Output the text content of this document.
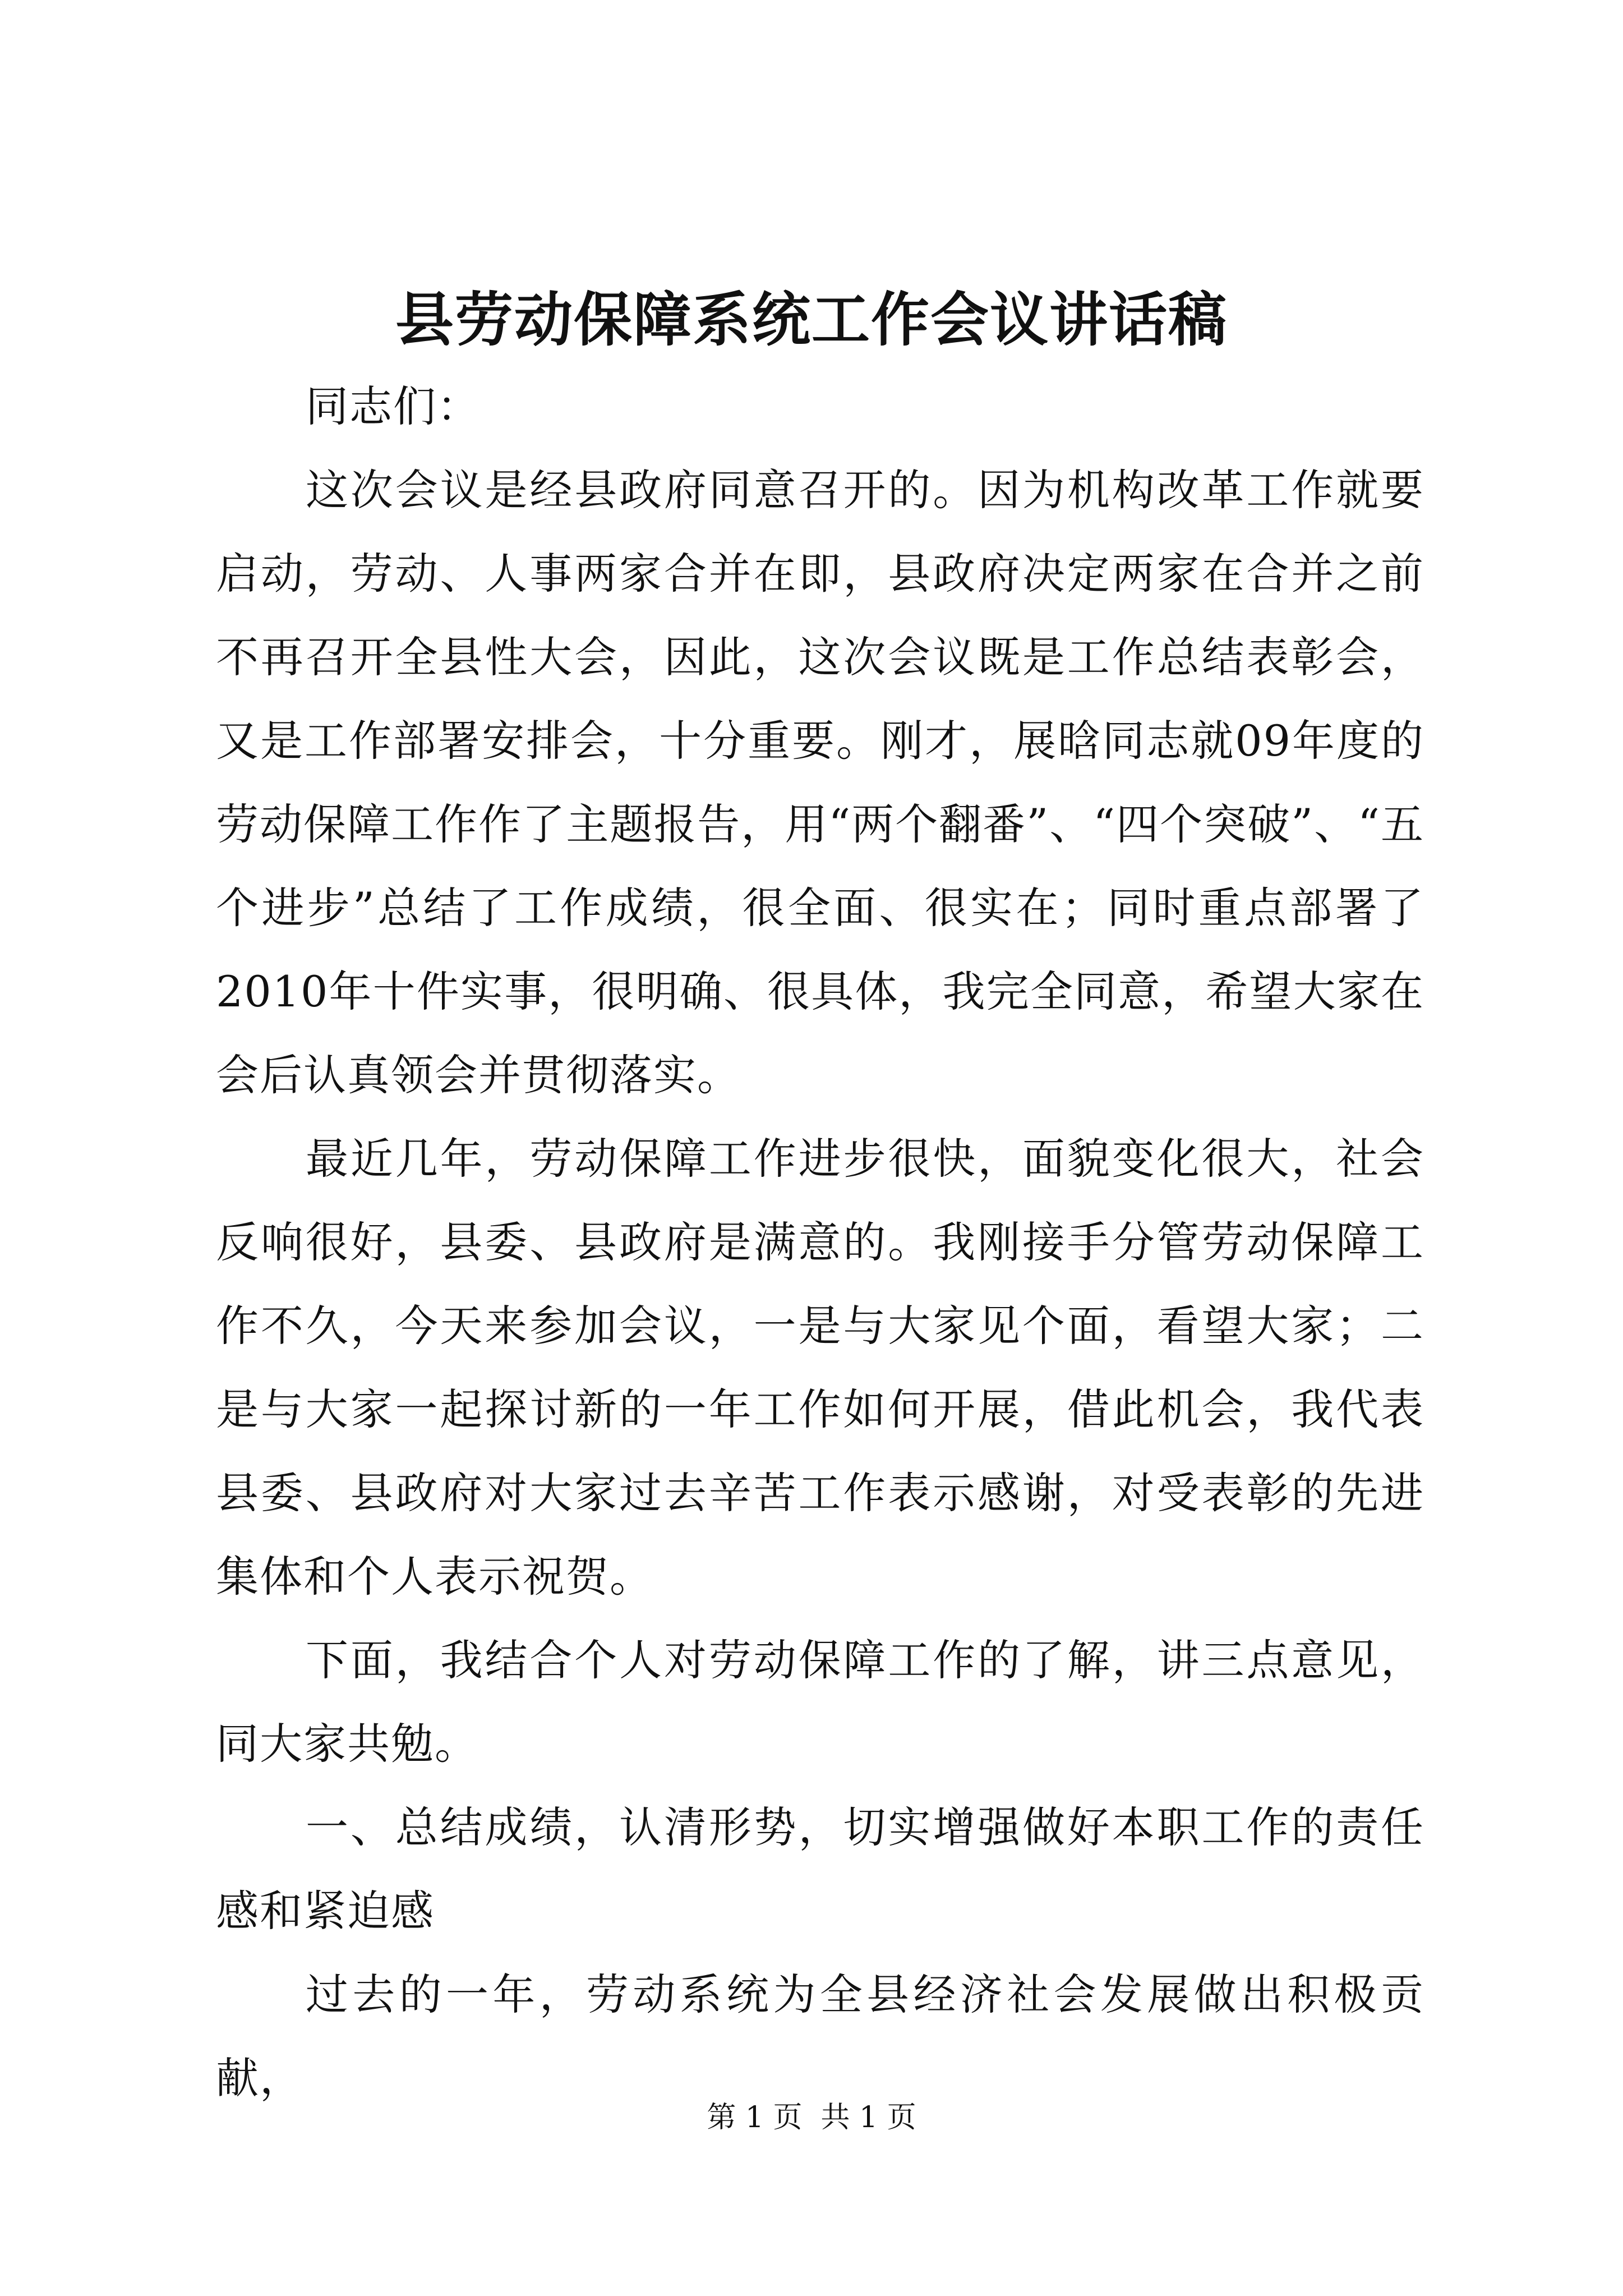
县劳动保障系统工作会议讲话稿

同志们：

这次会议是经县政府同意召开的。因为机构改革工作就要启动，劳动、人事两家合并在即，县政府决定两家在合并之前不再召开全县性大会，因此，这次会议既是工作总结表彰会，又是工作部署安排会，十分重要。刚才，展晗同志就09年度的劳动保障工作作了主题报告，用“两个翻番”、“四个突破”、“五个进步”总结了工作成绩，很全面、很实在；同时重点部署了2010年十件实事，很明确、很具体，我完全同意，希望大家在会后认真领会并贯彻落实。

最近几年，劳动保障工作进步很快，面貌变化很大，社会反响很好，县委、县政府是满意的。我刚接手分管劳动保障工作不久，今天来参加会议，一是与大家见个面，看望大家；二是与大家一起探讨新的一年工作如何开展，借此机会，我代表县委、县政府对大家过去辛苦工作表示感谢，对受表彰的先进集体和个人表示祝贺。

下面，我结合个人对劳动保障工作的了解，讲三点意见，同大家共勉。

一、总结成绩，认清形势，切实增强做好本职工作的责任感和紧迫感

过去的一年，劳动系统为全县经济社会发展做出积极贡献，

第 1 页  共 1 页
